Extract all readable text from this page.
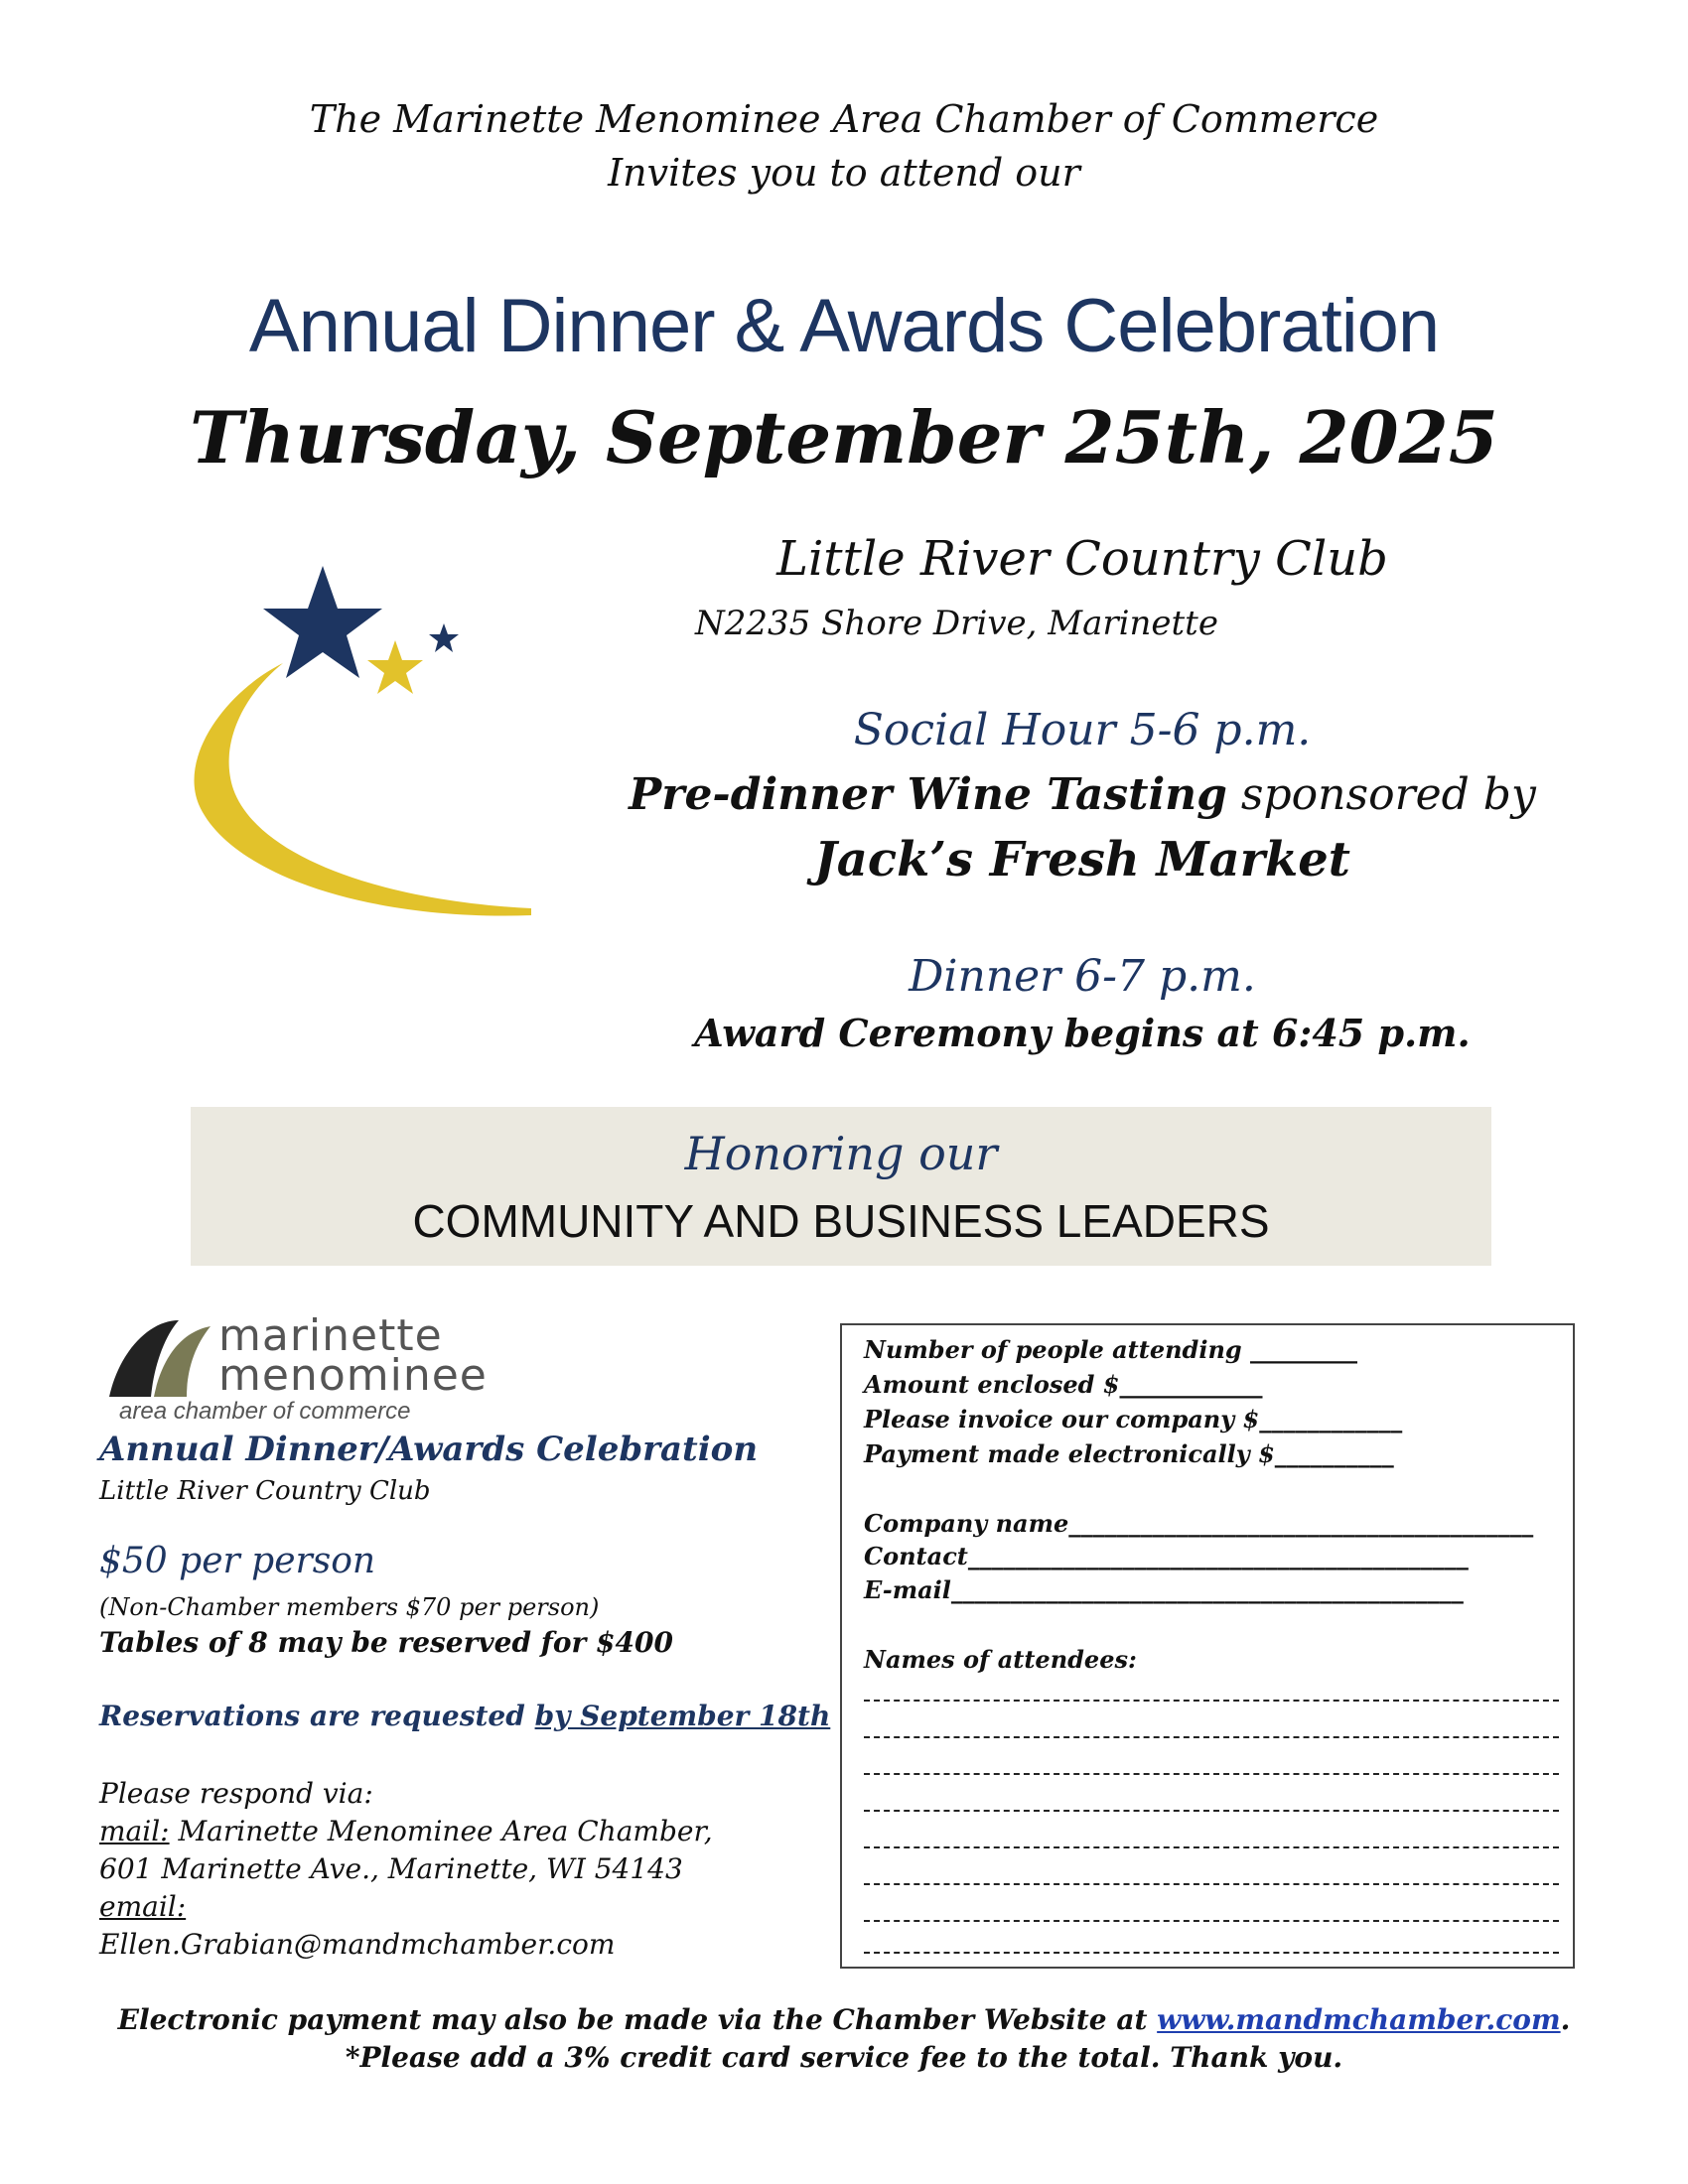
The Marinette Menominee Area Chamber of Commerce
Invites you to attend our
Annual Dinner & Awards Celebration
Thursday, September 25th, 2025
Little River Country Club
N2235 Shore Drive, Marinette
Social Hour 5-6 p.m.
Pre-dinner Wine Tasting sponsored by
Jack’s Fresh Market
Dinner 6-7 p.m.
Award Ceremony begins at 6:45 p.m.
Honoring our
COMMUNITY AND BUSINESS LEADERS
marinette
menominee
area chamber of commerce
Annual Dinner/Awards Celebration
Little River Country Club
$50 per person
(Non-Chamber members $70 per person)
Tables of 8 may be reserved for $400
Reservations are requested by September 18th
Please respond via:
mail: Marinette Menominee Area Chamber,
601 Marinette Ave., Marinette, WI 54143
email:
Ellen.Grabian@mandmchamber.com
Number of people attending _________
Amount enclosed $____________
Please invoice our company $____________
Payment made electronically $__________
Company name_______________________________________
Contact__________________________________________
E-mail___________________________________________
Names of attendees:
Electronic payment may also be made via the Chamber Website at www.mandmchamber.com.
*Please add a 3% credit card service fee to the total. Thank you.
